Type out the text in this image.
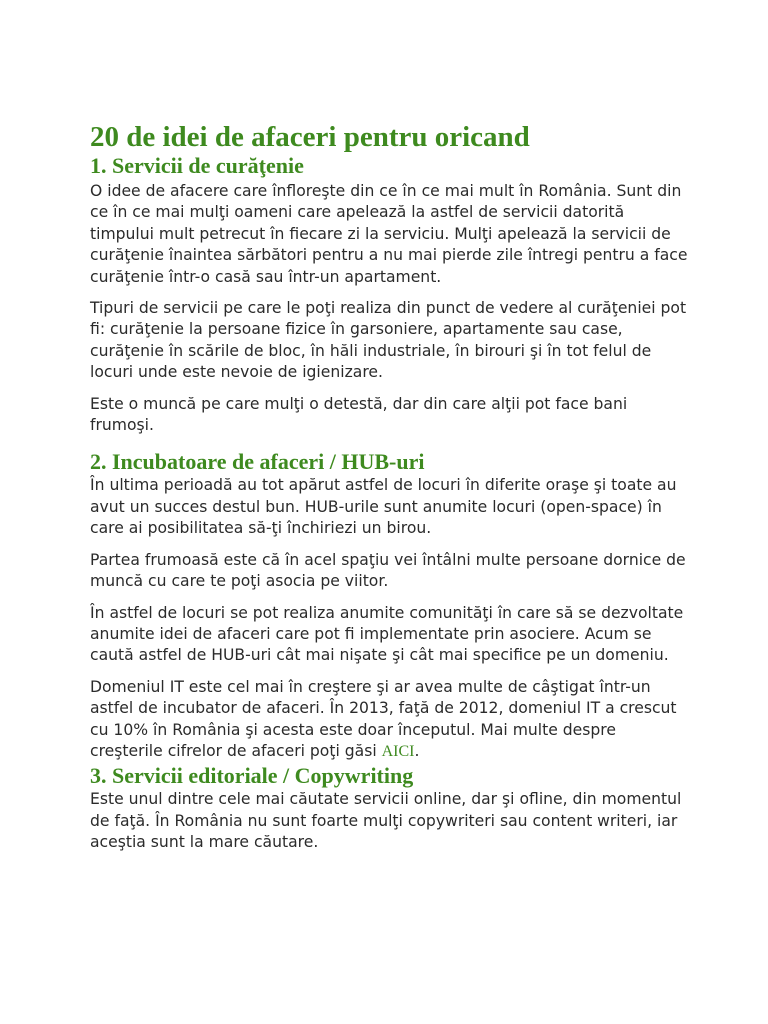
20 de idei de afaceri pentru oricand
1. Servicii de curăţenie

O idee de afacere care înfloreşte din ce în ce mai mult în România. Sunt din ce în ce mai mulţi oameni care apelează la astfel de servicii datorită timpului mult petrecut în fiecare zi la serviciu. Mulţi apelează la servicii de curăţenie înaintea sărbători pentru a nu mai pierde zile întregi pentru a face curăţenie într-o casă sau într-un apartament.

Tipuri de servicii pe care le poţi realiza din punct de vedere al curăţeniei pot fi: curăţenie la persoane fizice în garsoniere, apartamente sau case, curăţenie în scările de bloc, în hăli industriale, în birouri şi în tot felul de locuri unde este nevoie de igienizare.

Este o muncă pe care mulţi o detestă, dar din care alţii pot face bani frumoşi.

2. Incubatoare de afaceri / HUB-uri

În ultima perioadă au tot apărut astfel de locuri în diferite oraşe şi toate au avut un succes destul bun. HUB-urile sunt anumite locuri (open-space) în care ai posibilitatea să-ţi închiriezi un birou.

Partea frumoasă este că în acel spaţiu vei întâlni multe persoane dornice de muncă cu care te poţi asocia pe viitor.

În astfel de locuri se pot realiza anumite comunităţi în care să se dezvoltate anumite idei de afaceri care pot fi implementate prin asociere. Acum se caută astfel de HUB-uri cât mai nişate şi cât mai specifice pe un domeniu.

Domeniul IT este cel mai în creştere şi ar avea multe de câştigat într-un astfel de incubator de afaceri. În 2013, faţă de 2012, domeniul IT a crescut cu 10% în România şi acesta este doar începutul. Mai multe despre creşterile cifrelor de afaceri poţi găsi AICI.

3. Servicii editoriale / Copywriting

Este unul dintre cele mai căutate servicii online, dar şi ofline, din momentul de faţă. În România nu sunt foarte mulţi copywriteri sau content writeri, iar aceştia sunt la mare căutare.
